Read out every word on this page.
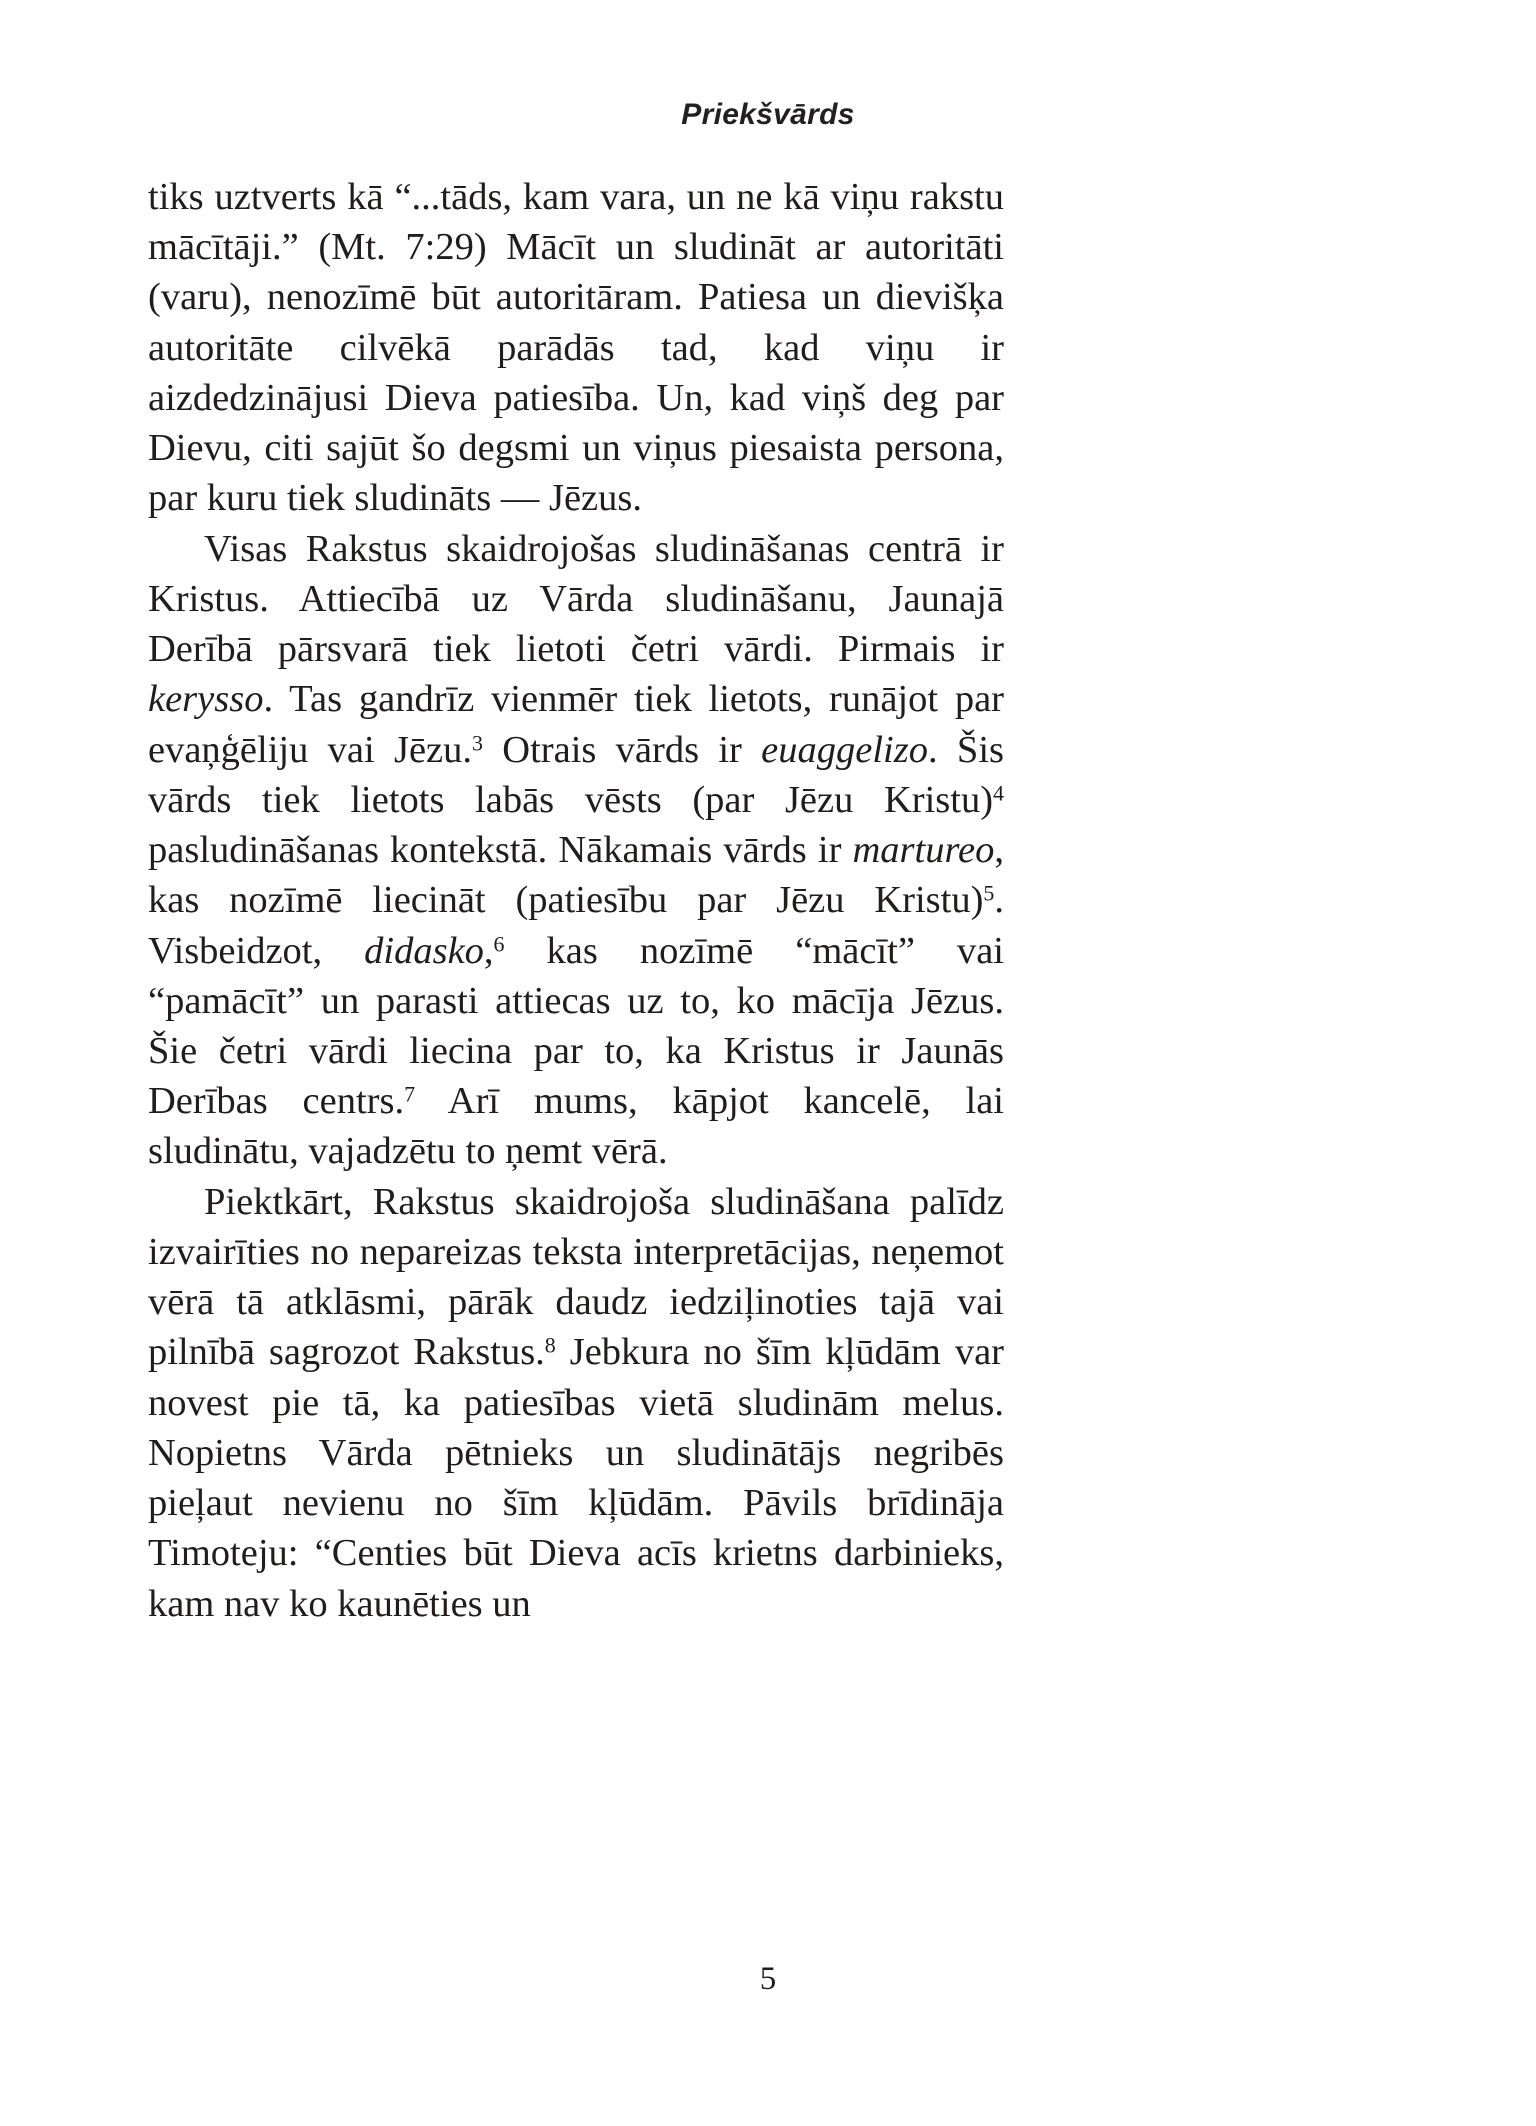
Priekšvārds

tiks uztverts kā “...tāds, kam vara, un ne kā viņu rakstu mācītāji.” (Mt. 7:29) Mācīt un sludināt ar autoritāti (varu), nenozīmē būt autoritāram. Patiesa un dievišķa autoritāte cilvēkā parādās tad, kad viņu ir aizdedzinājusi Dieva patiesība. Un, kad viņš deg par Dievu, citi sajūt šo degsmi un viņus piesaista persona, par kuru tiek sludināts — Jēzus.

Visas Rakstus skaidrojošas sludināšanas centrā ir Kristus. Attiecībā uz Vārda sludināšanu, Jaunajā Derībā pārsvarā tiek lietoti četri vārdi. Pirmais ir kerysso. Tas gandrīz vienmēr tiek lietots, runājot par evaņģēliju vai Jēzu.$^3$ Otrais vārds ir euaggelizo. Šis vārds tiek lietots labās vēsts (par Jēzu Kristu)$^4$ pasludināšanas kontekstā. Nākamais vārds ir martureo, kas nozīmē liecināt (patiesību par Jēzu Kristu)$^5$. Visbeidzot, didasko,$^6$ kas nozīmē “mācīt” vai “pamācīt” un parasti attiecas uz to, ko mācīja Jēzus. Šie četri vārdi liecina par to, ka Kristus ir Jaunās Derības centrs.$^7$ Arī mums, kāpjot kancelē, lai sludinātu, vajadzētu to ņemt vērā.

Piektkārt, Rakstus skaidrojoša sludināšana palīdz izvairīties no nepareizas teksta interpretācijas, neņemot vērā tā atklāsmi, pārāk daudz iedziļinoties tajā vai pilnībā sagrozot Rakstus.$^8$ Jebkura no šīm kļūdām var novest pie tā, ka patiesības vietā sludinām melus. Nopietns Vārda pētnieks un sludinātājs negribēs pieļaut nevienu no šīm kļūdām. Pāvils brīdināja Timoteju: “Centies būt Dieva acīs krietns darbinieks, kam nav ko kaunēties un

5
